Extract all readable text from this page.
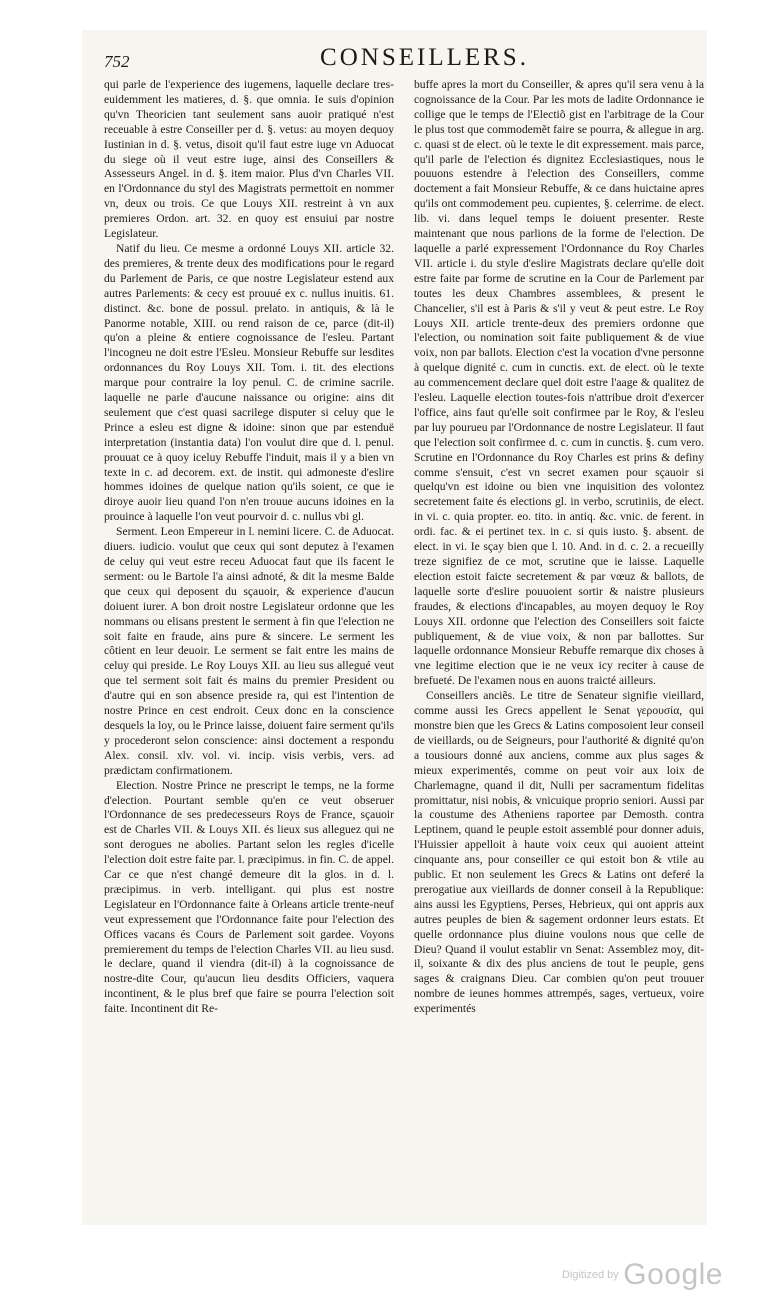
752	CONSEILLERS.

qui parle de l'experience des iugemens, laquelle declare tres-euidemment les matieres, d. §. que omnia. Ie suis d'opinion qu'vn Theoricien tant seulement sans auoir pratiqué n'est receuable à estre Conseiller per d. §. vetus: au moyen dequoy Iustinian in d. §. vetus, disoit qu'il faut estre iuge vn Aduocat du siege où il veut estre iuge, ainsi des Conseillers & Assesseurs Angel. in d. §. item maior. Plus d'vn Charles VII. en l'Ordonnance du styl des Magistrats permettoit en nommer vn, deux ou trois. Ce que Louys XII. restreint à vn aux premieres Ordon. art. 32. en quoy est ensuiui par nostre Legislateur.

Natif du lieu. Ce mesme a ordonné Louys XII. article 32. des premieres, & trente deux des modifications pour le regard du Parlement de Paris, ce que nostre Legislateur estend aux autres Parlements: & cecy est prouué ex c. nullus inuitis. 61. distinct. &c. bone de possul. prelato. in antiquis, & là le Panorme notable, XIII. ou rend raison de ce, parce (dit-il) qu'on a pleine & entiere cognoissance de l'esleu. Partant l'incogneu ne doit estre l'Esleu. Monsieur Rebuffe sur lesdites ordonnances du Roy Louys XII. Tom. i. tit. des elections marque pour contraire la loy penul. C. de crimine sacrile. laquelle ne parle d'aucune naissance ou origine: ains dit seulement que c'est quasi sacrilege disputer si celuy que le Prince a esleu est digne & idoine: sinon que par estenduë interpretation (instantia data) l'on voulut dire que d. l. penul. prouuat ce à quoy iceluy Rebuffe l'induit, mais il y a bien vn texte in c. ad decorem. ext. de instit. qui admoneste d'eslire hommes idoines de quelque nation qu'ils soient, ce que ie diroye auoir lieu quand l'on n'en trouue aucuns idoines en la prouince à laquelle l'on veut pourvoir d. c. nullus vbi gl.

Serment. Leon Empereur in l. nemini licere. C. de Aduocat. diuers. iudicio. voulut que ceux qui sont deputez à l'examen de celuy qui veut estre receu Aduocat faut que ils facent le serment: ou le Bartole l'a ainsi adnoté, & dit la mesme Balde que ceux qui deposent du sçauoir, & experience d'aucun doiuent iurer. A bon droit nostre Legislateur ordonne que les nommans ou elisans prestent le serment à fin que l'election ne soit faite en fraude, ains pure & sincere. Le serment les côtient en leur deuoir. Le serment se fait entre les mains de celuy qui preside. Le Roy Louys XII. au lieu sus allegué veut que tel serment soit fait és mains du premier President ou d'autre qui en son absence preside ra, qui est l'intention de nostre Prince en cest endroit. Ceux donc en la conscience desquels la loy, ou le Prince laisse, doiuent faire serment qu'ils y procederont selon conscience: ainsi doctement a respondu Alex. consil. xlv. vol. vi. incip. visis verbis, vers. ad prædictam confirmationem.

Election. Nostre Prince ne prescript le temps, ne la forme d'election. Pourtant semble qu'en ce veut obseruer l'Ordonnance de ses predecesseurs Roys de France, sçauoir est de Charles VII. & Louys XII. és lieux sus alleguez qui ne sont derogues ne abolies. Partant selon les regles d'icelle l'election doit estre faite par. l. præcipimus. in fin. C. de appel. Car ce que n'est changé demeure dit la glos. in d. l. præcipimus. in verb. intelligant. qui plus est nostre Legislateur en l'Ordonnance faite à Orleans article trente-neuf veut expressement que l'Ordonnance faite pour l'election des Offices vacans és Cours de Parlement soit gardee. Voyons premierement du temps de l'election Charles VII. au lieu susd. le declare, quand il viendra (dit-il) à la cognoissance de nostre-dite Cour, qu'aucun lieu desdits Officiers, vaquera incontinent, & le plus bref que faire se pourra l'election soit faite. Incontinent dit Re-

buffe apres la mort du Conseiller, & apres qu'il sera venu à la cognoissance de la Cour. Par les mots de ladite Ordonnance ie collige que le temps de l'Electiõ gist en l'arbitrage de la Cour le plus tost que commodemẽt faire se pourra, & allegue in arg. c. quasi st de elect. où le texte le dit expressement. mais parce, qu'il parle de l'election és dignitez Ecclesiastiques, nous le pouuons estendre à l'election des Conseillers, comme doctement a fait Monsieur Rebuffe, & ce dans huictaine apres qu'ils ont commodement peu. cupientes, §. celerrime. de elect. lib. vi. dans lequel temps le doiuent presenter. Reste maintenant que nous parlions de la forme de l'election. De laquelle a parlé expressement l'Ordonnance du Roy Charles VII. article i. du style d'eslire Magistrats declare qu'elle doit estre faite par forme de scrutine en la Cour de Parlement par toutes les deux Chambres assemblees, & present le Chancelier, s'il est à Paris & s'il y veut & peut estre. Le Roy Louys XII. article trente-deux des premiers ordonne que l'election, ou nomination soit faite publiquement & de viue voix, non par ballots. Election c'est la vocation d'vne personne à quelque dignité c. cum in cunctis. ext. de elect. où le texte au commencement declare quel doit estre l'aage & qualitez de l'esleu. Laquelle election toutes-fois n'attribue droit d'exercer l'office, ains faut qu'elle soit confirmee par le Roy, & l'esleu par luy pourueu par l'Ordonnance de nostre Legislateur. Il faut que l'election soit confirmee d. c. cum in cunctis. §. cum vero. Scrutine en l'Ordonnance du Roy Charles est prins & definy comme s'ensuit, c'est vn secret examen pour sçauoir si quelqu'vn est idoine ou bien vne inquisition des volontez secretement faite és elections gl. in verbo, scrutiniis, de elect. in vi. c. quia propter. eo. tito. in antiq. &c. vnic. de ferent. in ordi. fac. & ei pertinet tex. in c. si quis iusto. §. absent. de elect. in vi. Ie sçay bien que l. 10. And. in d. c. 2. a recueilly treze signifiez de ce mot, scrutine que ie laisse. Laquelle election estoit faicte secretement & par vœuz & ballots, de laquelle sorte d'eslire pouuoient sortir & naistre plusieurs fraudes, & elections d'incapables, au moyen dequoy le Roy Louys XII. ordonne que l'election des Conseillers soit faicte publiquement, & de viue voix, & non par ballottes. Sur laquelle ordonnance Monsieur Rebuffe remarque dix choses à vne legitime election que ie ne veux icy reciter à cause de brefueté. De l'examen nous en auons traicté ailleurs.

Conseillers anciẽs. Le titre de Senateur signifie vieillard, comme aussi les Grecs appellent le Senat γερουσία, qui monstre bien que les Grecs & Latins composoient leur conseil de vieillards, ou de Seigneurs, pour l'authorité & dignité qu'on a tousiours donné aux anciens, comme aux plus sages & mieux experimentés, comme on peut voir aux loix de Charlemagne, quand il dit, Nulli per sacramentum fidelitas promittatur, nisi nobis, & vnicuique proprio seniori. Aussi par la coustume des Atheniens raportee par Demosth. contra Leptinem, quand le peuple estoit assemblé pour donner aduis, l'Huissier appelloit à haute voix ceux qui auoient atteint cinquante ans, pour conseiller ce qui estoit bon & vtile au public. Et non seulement les Grecs & Latins ont deferé la prerogatiue aux vieillards de donner conseil à la Republique: ains aussi les Egyptiens, Perses, Hebrieux, qui ont appris aux autres peuples de bien & sagement ordonner leurs estats. Et quelle ordonnance plus diuine voulons nous que celle de Dieu? Quand il voulut establir vn Senat: Assemblez moy, dit-il, soixante & dix des plus anciens de tout le peuple, gens sages & craignans Dieu. Car combien qu'on peut trouuer nombre de ieunes hommes attrempés, sages, vertueux, voire experimentés

Digitized by Google
